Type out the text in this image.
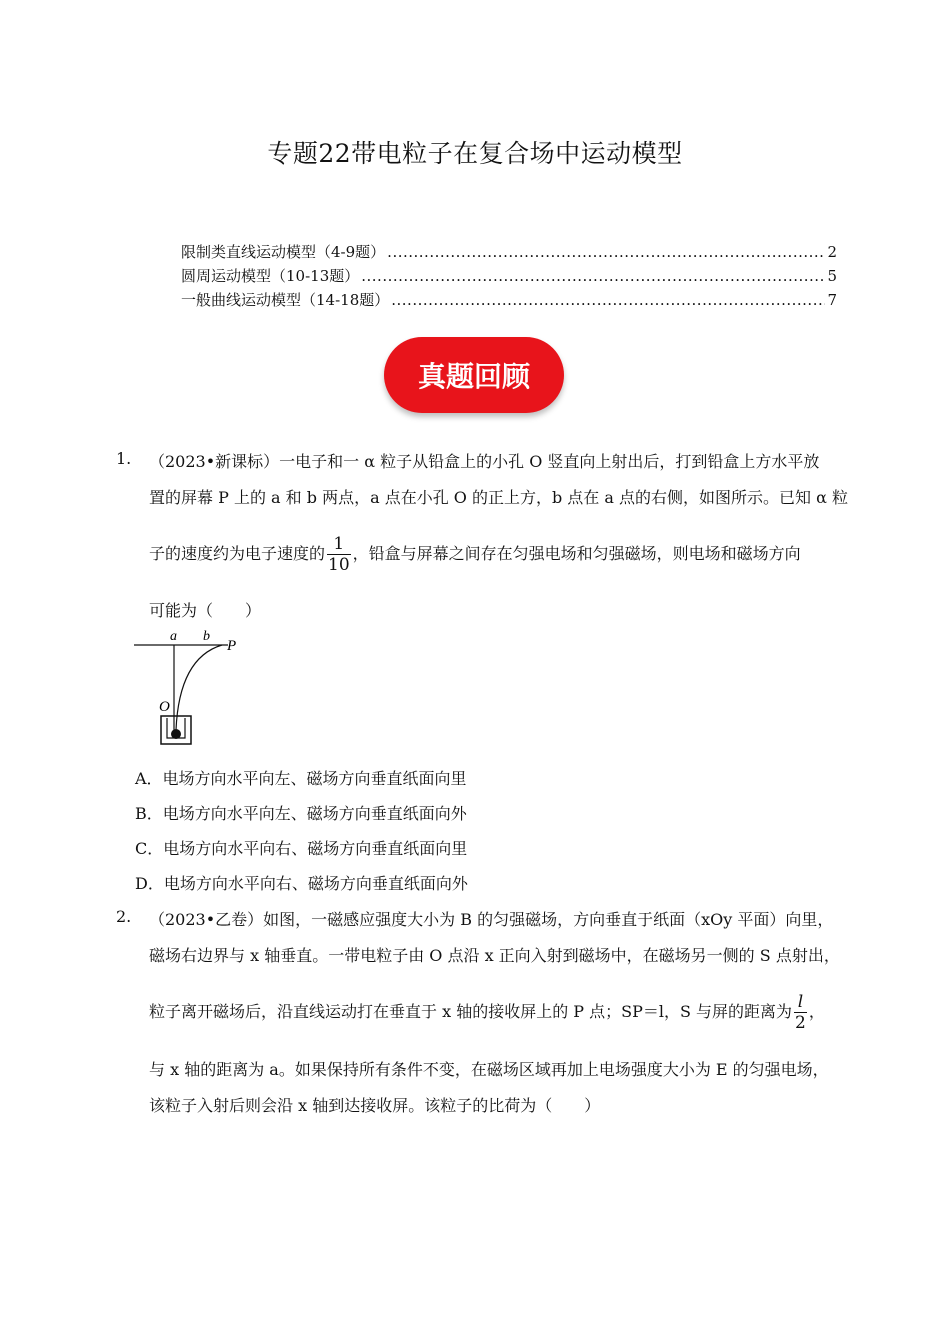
专题22带电粒子在复合场中运动模型
限制类直线运动模型（4-9题） .....	2
圆周运动模型（10-13题） .....	5
一般曲线运动模型（14-18题） .....	7
真题回顾
1. （2023•新课标）一电子和一 α 粒子从铅盒上的小孔 O 竖直向上射出后，打到铅盒上方水平放
置的屏幕 P 上的 a 和 b 两点，a 点在小孔 O 的正上方，b 点在 a 点的右侧，如图所示。已知 α 粒
子的速度约为电子速度的 $\frac{1}{10}$ ，铅盒与屏幕之间存在匀强电场和匀强磁场，则电场和磁场方向
可能为（　　）
a b
P
O
A．电场方向水平向左、磁场方向垂直纸面向里
B．电场方向水平向左、磁场方向垂直纸面向外
C．电场方向水平向右、磁场方向垂直纸面向里
D．电场方向水平向右、磁场方向垂直纸面向外
2. （2023•乙卷）如图，一磁感应强度大小为 B 的匀强磁场，方向垂直于纸面（xOy 平面）向里，
磁场右边界与 x 轴垂直。一带电粒子由 O 点沿 x 正向入射到磁场中，在磁场另一侧的 S 点射出，
粒子离开磁场后，沿直线运动打在垂直于 x 轴的接收屏上的 P 点；SP＝l，S 与屏的距离为 $\frac{l}{2}$ ，
与 x 轴的距离为 a。如果保持所有条件不变，在磁场区域再加上电场强度大小为 E 的匀强电场，
该粒子入射后则会沿 x 轴到达接收屏。该粒子的比荷为（　　）
